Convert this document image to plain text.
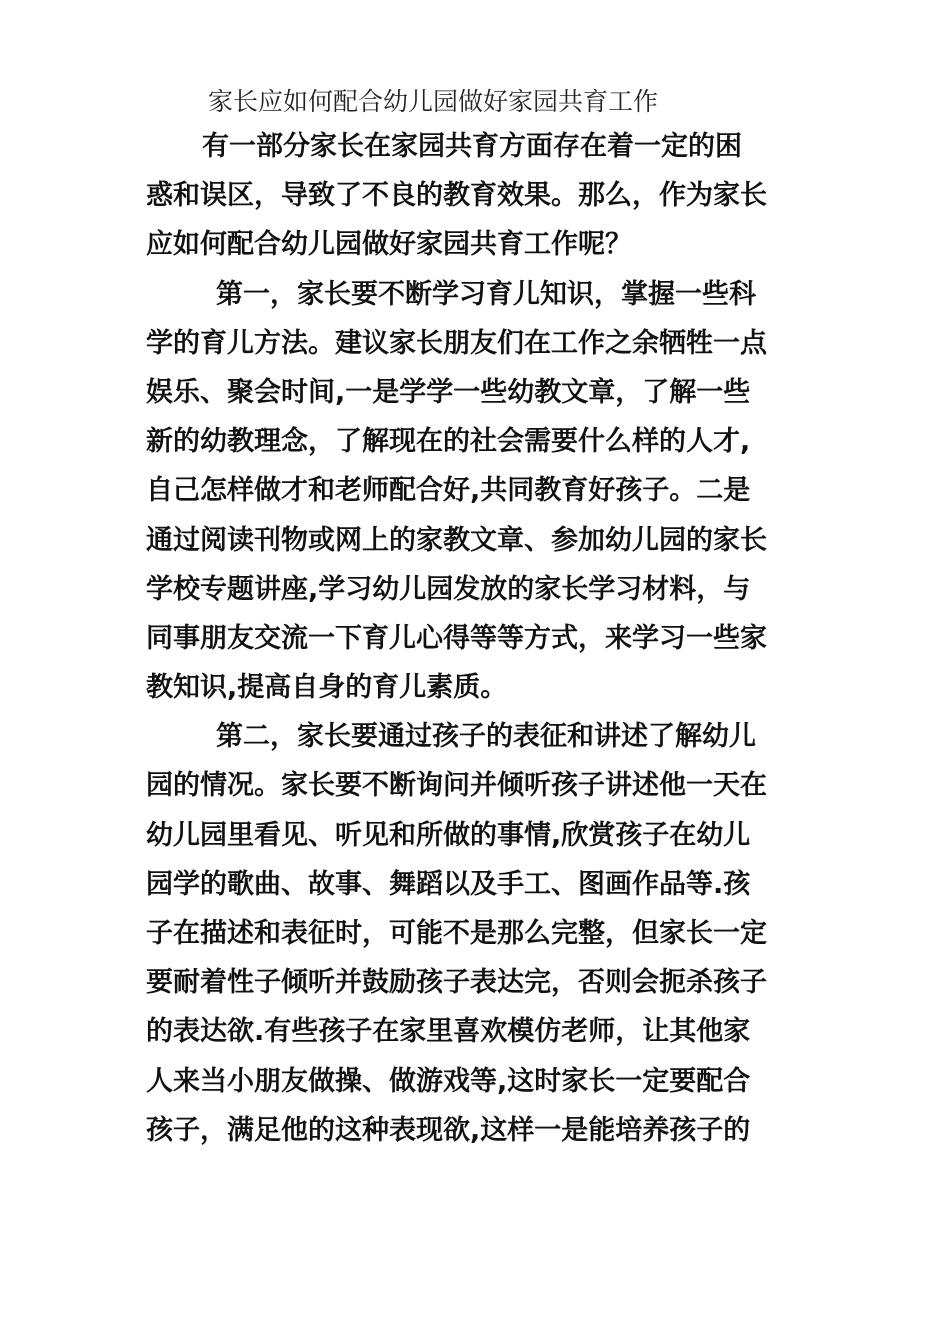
家长应如何配合幼儿园做好家园共育工作
有一部分家长在家园共育方面存在着一定的困
惑和误区，导致了不良的教育效果。那么，作为家长
应如何配合幼儿园做好家园共育工作呢？
第一，家长要不断学习育儿知识，掌握一些科
学的育儿方法。建议家长朋友们在工作之余牺牲一点
娱乐、聚会时间,一是学学一些幼教文章，了解一些
新的幼教理念，了解现在的社会需要什么样的人才,
自己怎样做才和老师配合好,共同教育好孩子。二是
通过阅读刊物或网上的家教文章、参加幼儿园的家长
学校专题讲座,学习幼儿园发放的家长学习材料，与
同事朋友交流一下育儿心得等等方式，来学习一些家
教知识,提高自身的育儿素质。
第二，家长要通过孩子的表征和讲述了解幼儿
园的情况。家长要不断询问并倾听孩子讲述他一天在
幼儿园里看见、听见和所做的事情,欣赏孩子在幼儿
园学的歌曲、故事、舞蹈以及手工、图画作品等.孩
子在描述和表征时，可能不是那么完整，但家长一定
要耐着性子倾听并鼓励孩子表达完，否则会扼杀孩子
的表达欲.有些孩子在家里喜欢模仿老师，让其他家
人来当小朋友做操、做游戏等,这时家长一定要配合
孩子，满足他的这种表现欲,这样一是能培养孩子的
